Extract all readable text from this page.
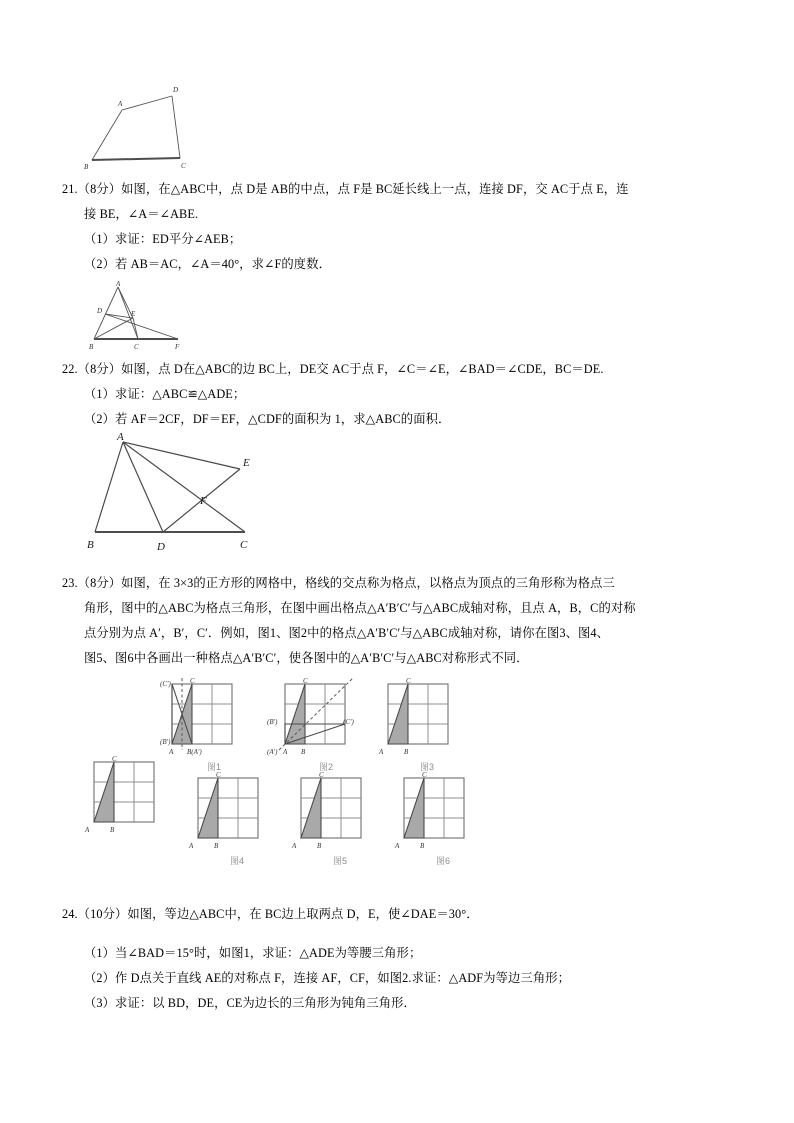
A
D
B	C
21.（8分）如图，在△ABC中，点 D是 AB的中点，点 F是 BC延长线上一点，连接 DF，交 AC于点 E，连
接 BE，∠A＝∠ABE.
（1）求证：ED平分∠AEB；
（2）若 AB＝AC，∠A＝40°，求∠F的度数．
A
D	E
B	C	F
22.（8分）如图，点 D在△ABC的边 BC上，DE交 AC于点 F，∠C＝∠E，∠BAD＝∠CDE，BC＝DE.
（1）求证：△ABC≌△ADE；
（2）若 AF＝2CF，DF＝EF，△CDF的面积为 1，求△ABC的面积．
A
E
F
B	D	C
23.（8分）如图，在 3×3的正方形的网格中，格线的交点称为格点，以格点为顶点的三角形称为格点三
角形，图中的△ABC为格点三角形，在图中画出格点△A′B′C′与△ABC成轴对称，且点 A，B，C的对称
点分别为点 A′，B′，C′．例如，图1、图2中的格点△A′B′C′与△ABC成轴对称，请你在图3、图4、
图5、图6中各画出一种格点△A′B′C′，使各图中的△A′B′C′与△ABC对称形式不同．
(C′)	C
(B′)
A B(A′)
图1
C
(B′)	(C′)
(A′) A B
图2
C
A	B
图3
C
A	B
C
A	B
图4
C
A	B
图5
C
A	B
图6
24.（10分）如图，等边△ABC中，在 BC边上取两点 D，E，使∠DAE＝30°．
（1）当∠BAD＝15°时，如图1，求证：△ADE为等腰三角形；
（2）作 D点关于直线 AE的对称点 F，连接 AF，CF，如图2.求证：△ADF为等边三角形；
（3）求证：以 BD，DE，CE为边长的三角形为钝角三角形．
